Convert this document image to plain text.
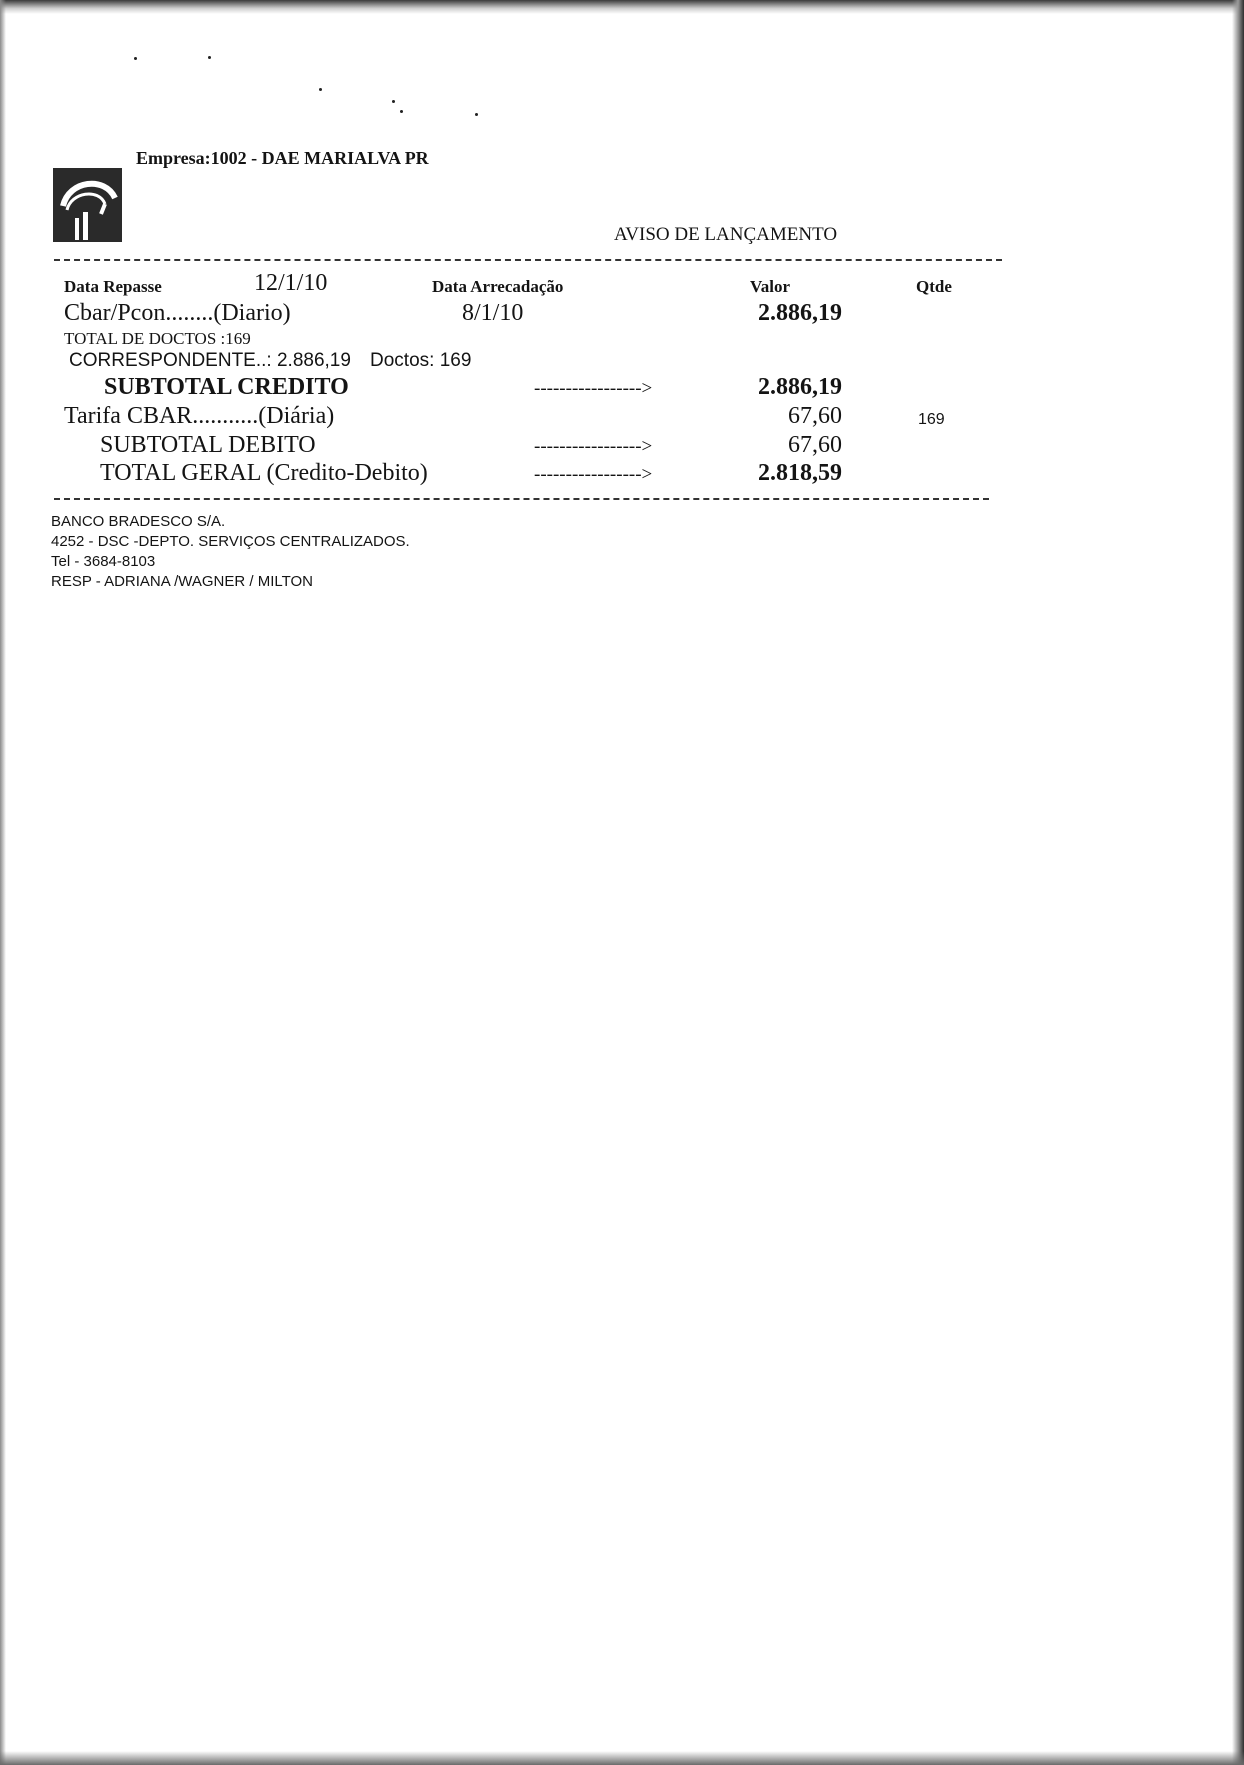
Empresa:1002 - DAE MARIALVA PR
AVISO DE LANÇAMENTO
Data Repasse	12/1/10	Data Arrecadação	Valor	Qtde
Cbar/Pcon........(Diario)	8/1/10	2.886,19
TOTAL DE DOCTOS :169
CORRESPONDENTE..: 2.886,19 Doctos: 169
SUBTOTAL CREDITO	----------------->	2.886,19
Tarifa CBAR...........(Diária)	67,60	169
SUBTOTAL DEBITO	----------------->	67,60
TOTAL GERAL (Credito-Debito)	----------------->	2.818,59
BANCO BRADESCO S/A.
4252 - DSC -DEPTO. SERVIÇOS CENTRALIZADOS.
Tel - 3684-8103
RESP - ADRIANA /WAGNER / MILTON
